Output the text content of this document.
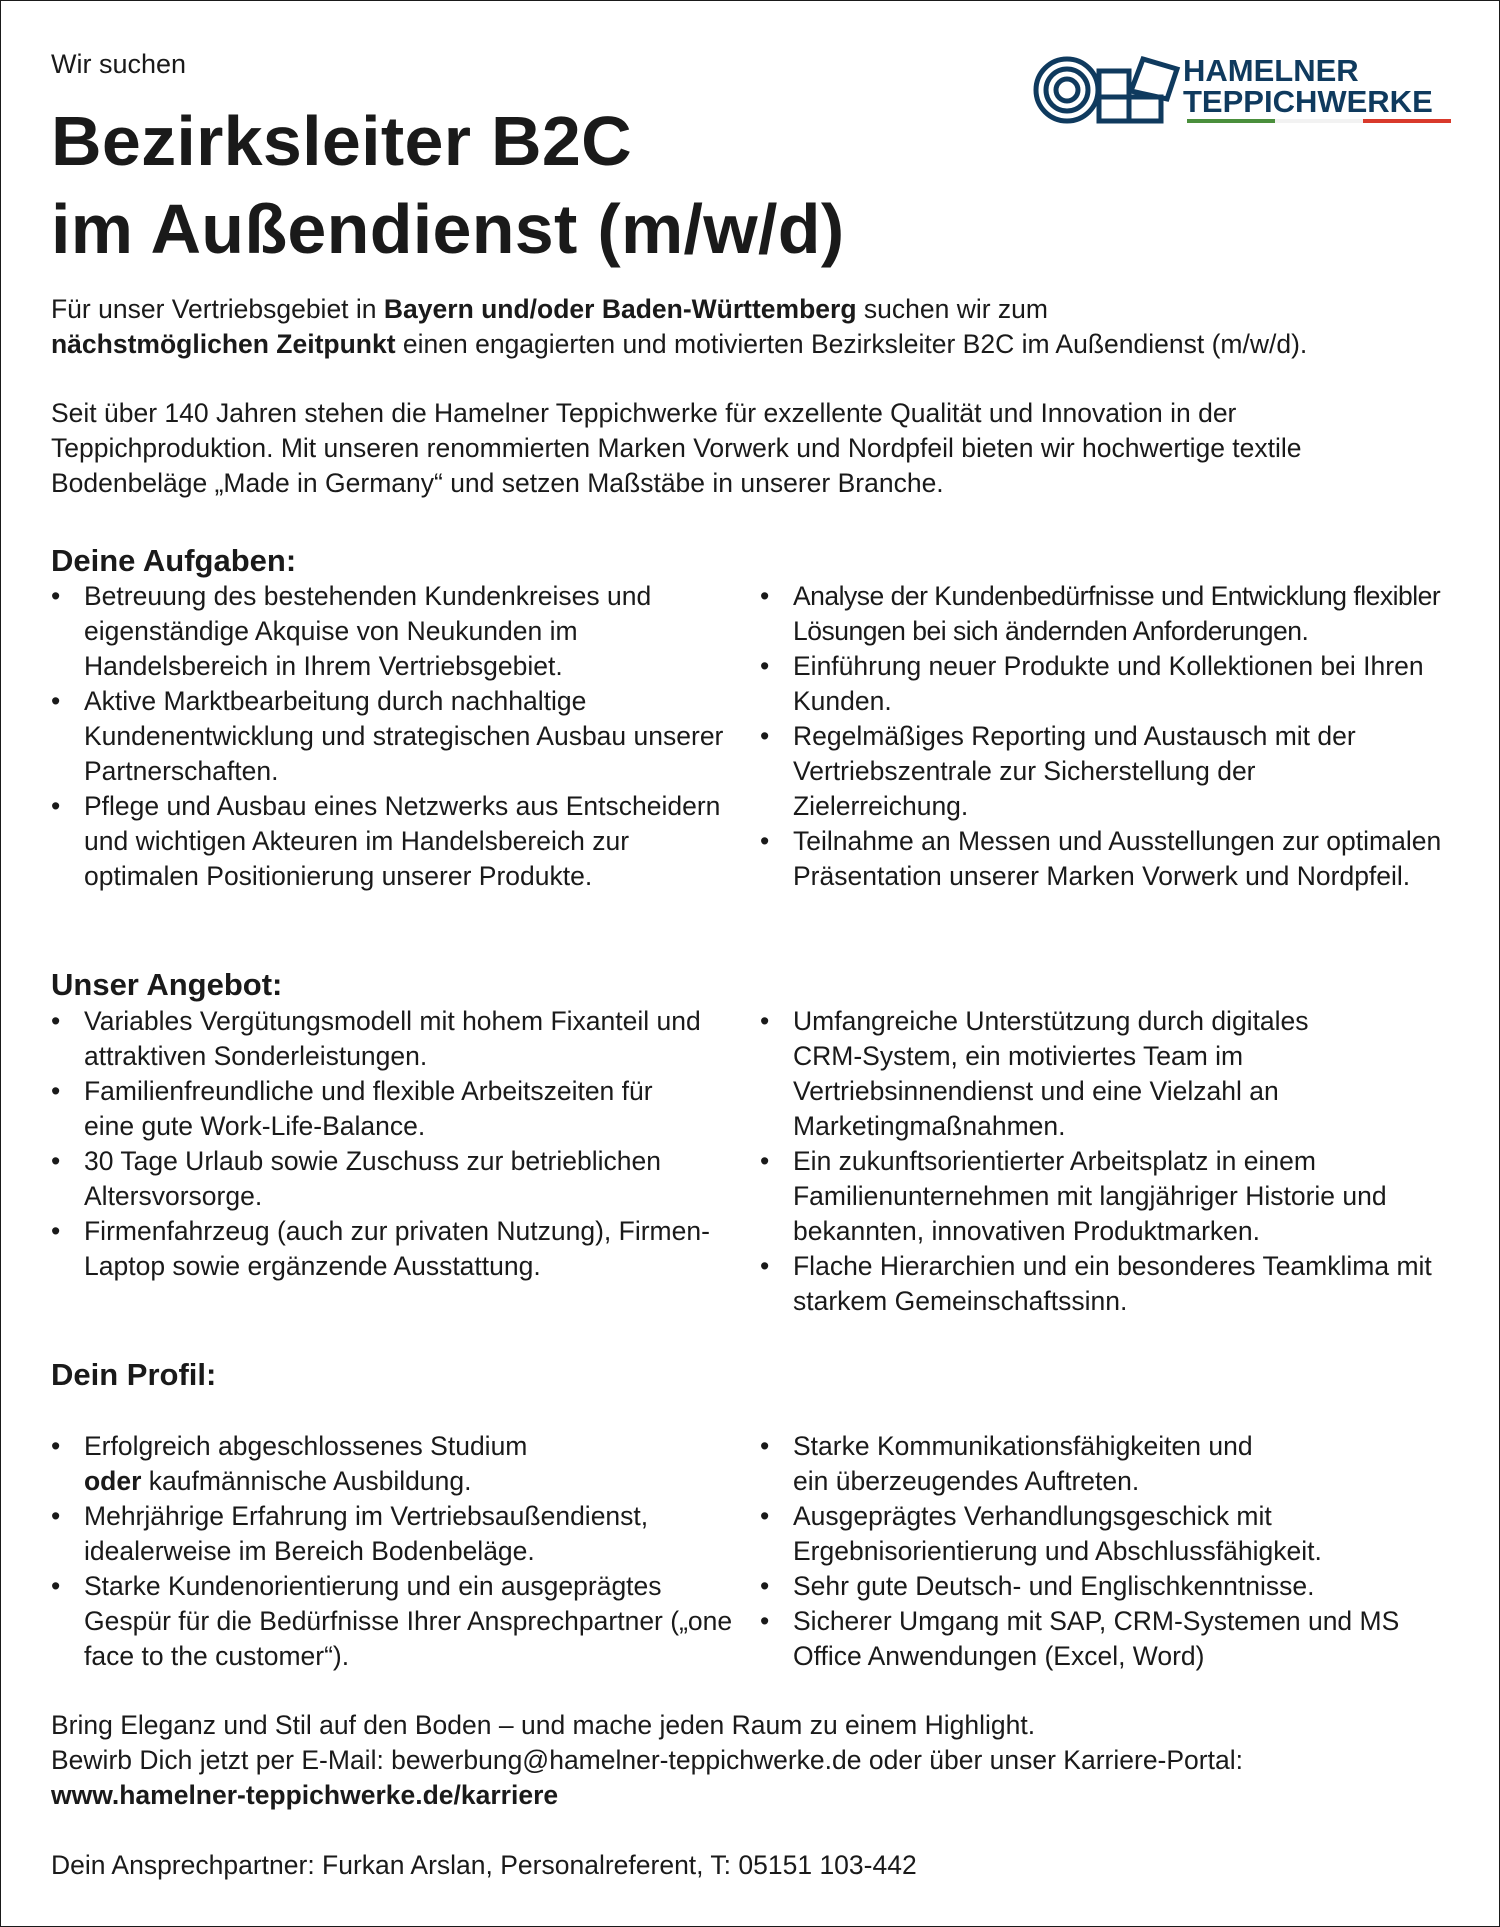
Wir suchen
Bezirksleiter B2C
im Außendienst (m/w/d)
HAMELNER
TEPPICHWERKE

Für unser Vertriebsgebiet in Bayern und/oder Baden-Württemberg suchen wir zum
nächstmöglichen Zeitpunkt einen engagierten und motivierten Bezirksleiter B2C im Außendienst (m/w/d).

Seit über 140 Jahren stehen die Hamelner Teppichwerke für exzellente Qualität und Innovation in der Teppichproduktion. Mit unseren renommierten Marken Vorwerk und Nordpfeil bieten wir hochwertige textile Bodenbeläge „Made in Germany“ und setzen Maßstäbe in unserer Branche.

Deine Aufgaben:
• Betreuung des bestehenden Kundenkreises und eigenständige Akquise von Neukunden im Handelsbereich in Ihrem Vertriebsgebiet.
• Aktive Marktbearbeitung durch nachhaltige Kundenentwicklung und strategischen Ausbau unserer Partnerschaften.
• Pflege und Ausbau eines Netzwerks aus Entscheidern und wichtigen Akteuren im Handelsbereich zur optimalen Positionierung unserer Produkte.
• Analyse der Kundenbedürfnisse und Entwicklung flexibler Lösungen bei sich ändernden Anforderungen.
• Einführung neuer Produkte und Kollektionen bei Ihren Kunden.
• Regelmäßiges Reporting und Austausch mit der Vertriebszentrale zur Sicherstellung der Zielerreichung.
• Teilnahme an Messen und Ausstellungen zur optimalen Präsentation unserer Marken Vorwerk und Nordpfeil.
Unser Angebot:
• Variables Vergütungsmodell mit hohem Fixanteil und attraktiven Sonderleistungen.
• Familienfreundliche und flexible Arbeitszeiten für eine gute Work-Life-Balance.
• 30 Tage Urlaub sowie Zuschuss zur betrieblichen Altersvorsorge.
• Firmenfahrzeug (auch zur privaten Nutzung), Firmen-Laptop sowie ergänzende Ausstattung.
• Umfangreiche Unterstützung durch digitales CRM-System, ein motiviertes Team im Vertriebsinnendienst und eine Vielzahl an Marketingmaßnahmen.
• Ein zukunftsorientierter Arbeitsplatz in einem Familienunternehmen mit langjähriger Historie und bekannten, innovativen Produktmarken.
• Flache Hierarchien und ein besonderes Teamklima mit starkem Gemeinschaftssinn.
Dein Profil:
• Erfolgreich abgeschlossenes Studium
oder kaufmännische Ausbildung.
• Mehrjährige Erfahrung im Vertriebsaußendienst, idealerweise im Bereich Bodenbeläge.
• Starke Kundenorientierung und ein ausgeprägtes Gespür für die Bedürfnisse Ihrer Ansprechpartner („one face to the customer“).
• Starke Kommunikationsfähigkeiten und ein überzeugendes Auftreten.
• Ausgeprägtes Verhandlungsgeschick mit Ergebnisorientierung und Abschlussfähigkeit.
• Sehr gute Deutsch- und Englischkenntnisse.
• Sicherer Umgang mit SAP, CRM-Systemen und MS Office Anwendungen (Excel, Word)

Bring Eleganz und Stil auf den Boden – und mache jeden Raum zu einem Highlight.
Bewirb Dich jetzt per E-Mail: bewerbung@hamelner-teppichwerke.de oder über unser Karriere-Portal:
www.hamelner-teppichwerke.de/karriere

Dein Ansprechpartner: Furkan Arslan, Personalreferent, T: 05151 103-442
